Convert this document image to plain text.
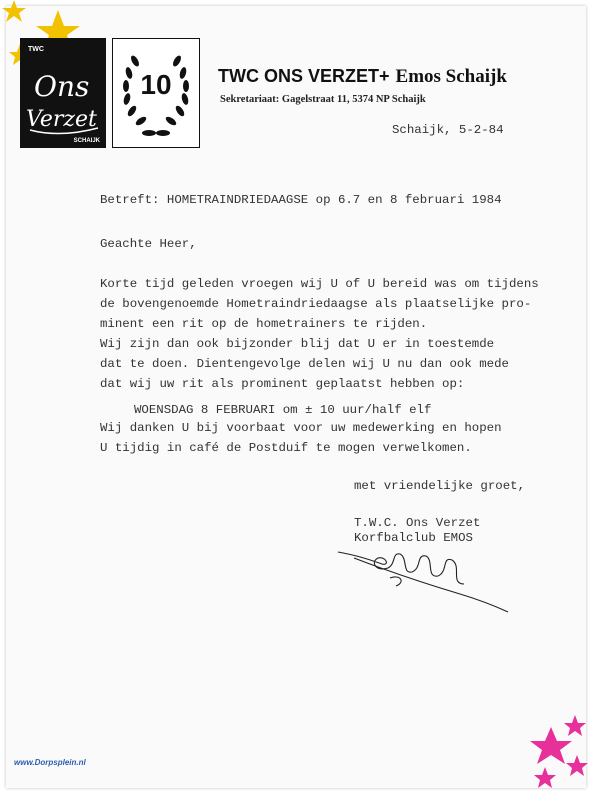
www.Dorpsplein.nl
TWC
Ons
Verzet
SCHAIJK
10	TWC ONS VERZET+ Emos Schaijk
Sekretariaat: Gagelstraat 11, 5374 NP Schaijk
Schaijk, 5-2-84
Betreft: HOMETRAINDRIEDAAGSE op 6.7 en 8 februari 1984
Geachte Heer,
Korte tijd geleden vroegen wij U of U bereid was om tijdens
de bovengenoemde Hometraindriedaagse als plaatselijke pro-
minent een rit op de hometrainers te rijden.
Wij zijn dan ook bijzonder blij dat U er in toestemde
dat te doen. Dientengevolge delen wij U nu dan ook mede
dat wij uw rit als prominent geplaatst hebben op:
WOENSDAG 8 FEBRUARI om ± 10 uur/half elf
Wij danken U bij voorbaat voor uw medewerking en hopen
U tijdig in café de Postduif te mogen verwelkomen.
met vriendelijke groet,
T.W.C. Ons Verzet
Korfbalclub EMOS
